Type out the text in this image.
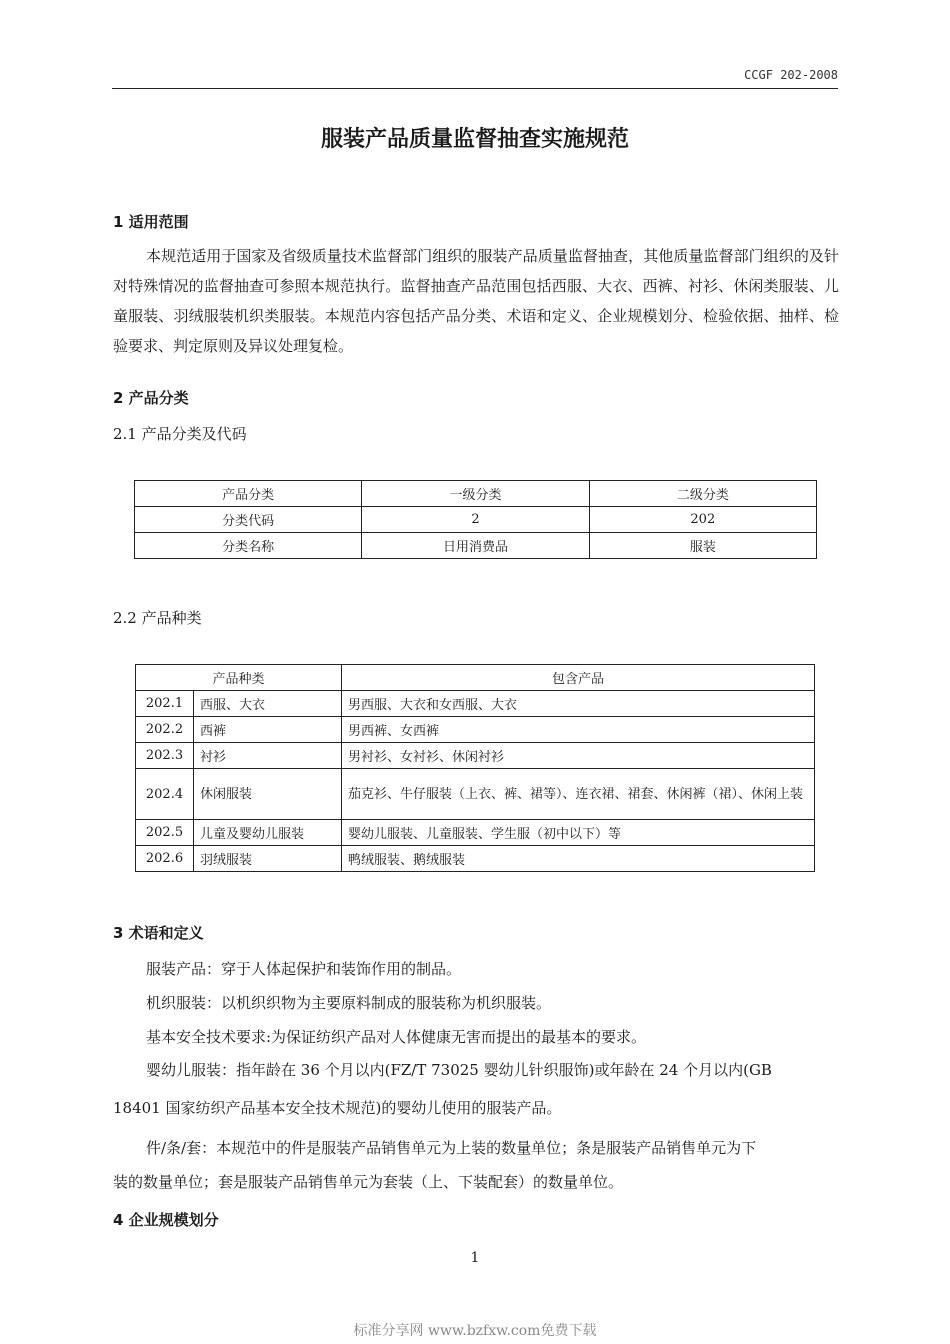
CCGF 202-2008
服装产品质量监督抽查实施规范
1 适用范围
本规范适用于国家及省级质量技术监督部门组织的服装产品质量监督抽查，其他质量监督部门组织的及针对特殊情况的监督抽查可参照本规范执行。监督抽查产品范围包括西服、大衣、西裤、衬衫、休闲类服装、儿童服装、羽绒服装机织类服装。本规范内容包括产品分类、术语和定义、企业规模划分、检验依据、抽样、检验要求、判定原则及异议处理复检。
2 产品分类
2.1 产品分类及代码
产品分类	一级分类	二级分类
分类代码	2	202
分类名称	日用消费品	服装
2.2 产品种类
产品种类		包含产品
202.1	西服、大衣	男西服、大衣和女西服、大衣
202.2	西裤	男西裤、女西裤
202.3	衬衫	男衬衫、女衬衫、休闲衬衫
202.4	休闲服装	茄克衫、牛仔服装（上衣、裤、裙等）、连衣裙、裙套、休闲裤（裙）、休闲上装
202.5	儿童及婴幼儿服装	婴幼儿服装、儿童服装、学生服（初中以下）等
202.6	羽绒服装	鸭绒服装、鹅绒服装
3 术语和定义
服装产品：穿于人体起保护和装饰作用的制品。
机织服装：以机织织物为主要原料制成的服装称为机织服装。
基本安全技术要求:为保证纺织产品对人体健康无害而提出的最基本的要求。
婴幼儿服装：指年龄在 36 个月以内(FZ/T 73025 婴幼儿针织服饰)或年龄在 24 个月以内(GB
18401 国家纺织产品基本安全技术规范)的婴幼儿使用的服装产品。
件/条/套：本规范中的件是服装产品销售单元为上装的数量单位；条是服装产品销售单元为下
装的数量单位；套是服装产品销售单元为套装（上、下装配套）的数量单位。
4 企业规模划分
1
标准分享网 www.bzfxw.com免费下载
